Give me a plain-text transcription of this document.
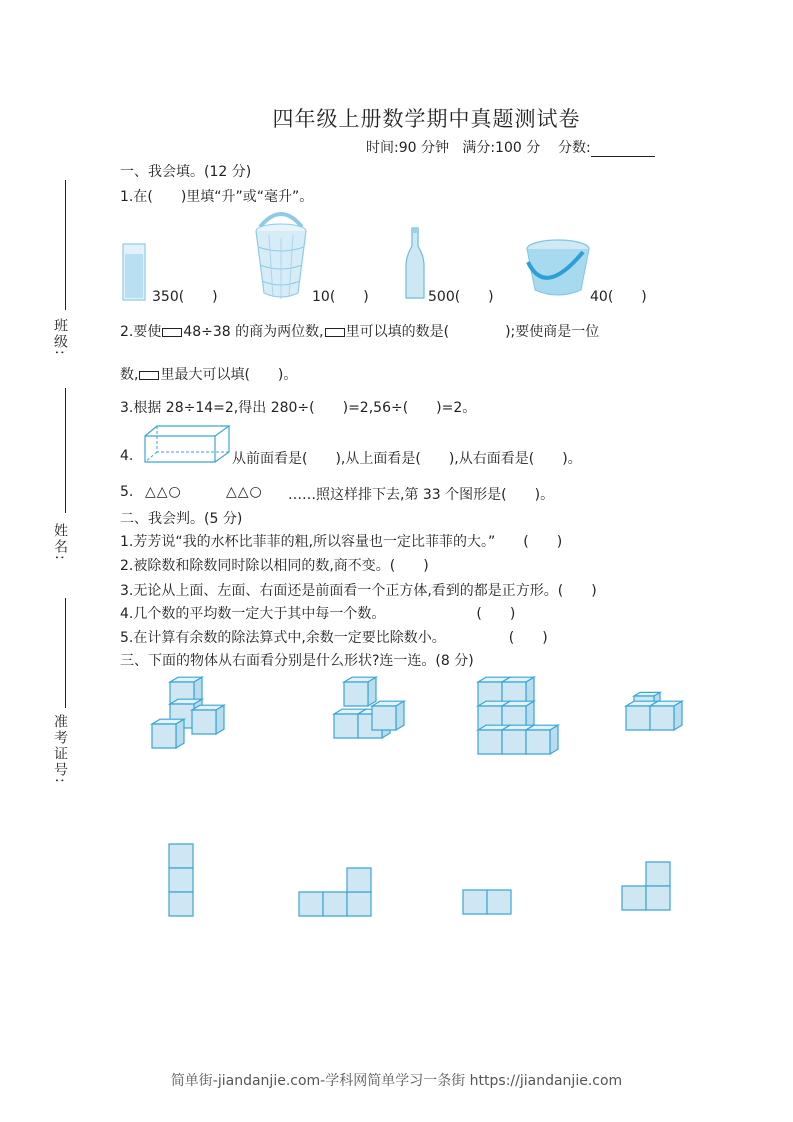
四年级上册数学期中真题测试卷
时间:90 分钟 满分:100 分 分数:
班级:
姓名:
准考证号:
一、我会填。(12 分)
1.在(　　)里填“升”或“毫升”。
350(　　)	10(　　)	500(　　)	40(　　)
2.要使 48÷38 的商为两位数, 里可以填的数是(　　　　);要使商是一位
数, 里最大可以填(　　)。
3.根据 28÷14=2,得出 280÷(　　)=2,56÷(　　)=2。
4.	从前面看是(　　),从上面看是(　　),从右面看是(　　)。
5. △△○	△△○ ……照这样排下去,第 33 个图形是(　　)。
二、我会判。(5 分)
1.芳芳说“我的水杯比菲菲的粗,所以容量也一定比菲菲的大。”　　(　　)
2.被除数和除数同时除以相同的数,商不变。(　　)
3.无论从上面、左面、右面还是前面看一个正方体,看到的都是正方形。(　　)
4.几个数的平均数一定大于其中每一个数。　　　　　　　(　　)
5.在计算有余数的除法算式中,余数一定要比除数小。　　　　　(　　)
三、下面的物体从右面看分别是什么形状?连一连。(8 分)
简单街-jiandanjie.com-学科网简单学习一条街 https://jiandanjie.com
